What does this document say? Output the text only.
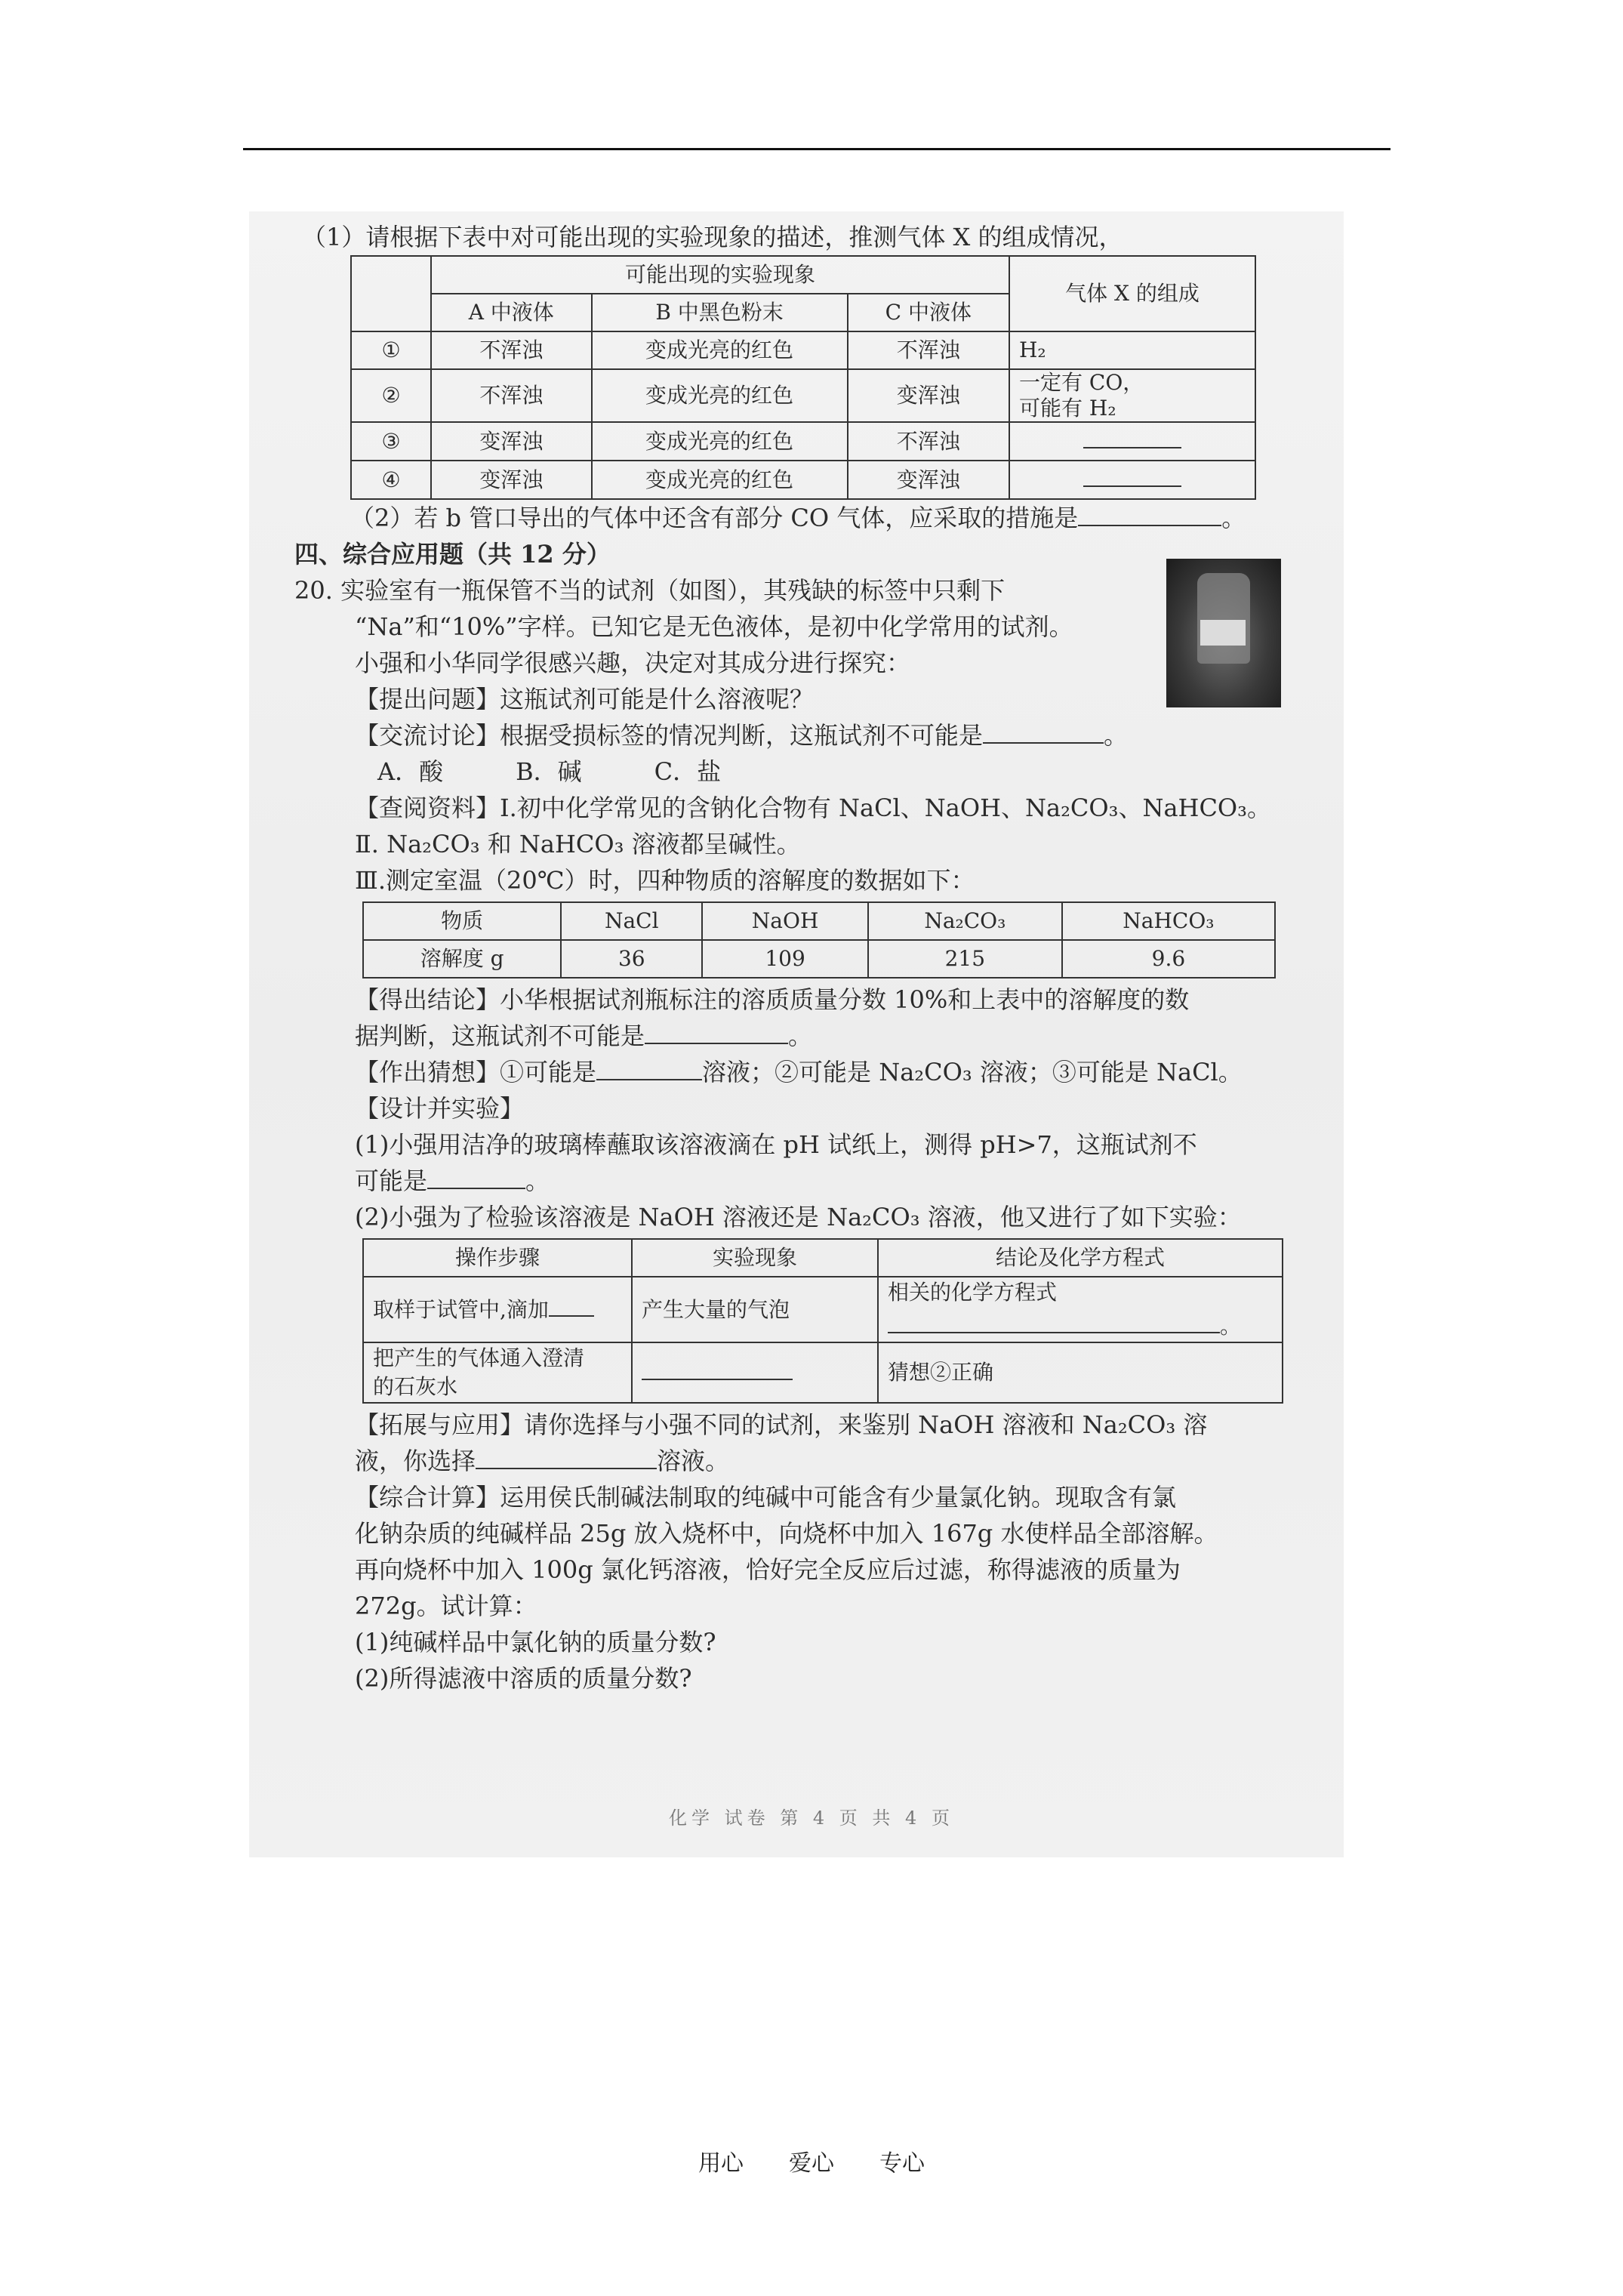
（1）请根据下表中对可能出现的实验现象的描述，推测气体 X 的组成情况，
	可能出现的实验现象			气体 X 的组成
	A 中液体	B 中黑色粉末	C 中液体	
①	不浑浊	变成光亮的红色	不浑浊	H₂
②	不浑浊	变成光亮的红色	变浑浊	一定有 CO，
可能有 H₂

③	变浑浊	变成光亮的红色	不浑浊	
④	变浑浊	变成光亮的红色	变浑浊	
（2）若 b 管口导出的气体中还含有部分 CO 气体，应采取的措施是	。
四、综合应用题（共 12 分）
20. 实验室有一瓶保管不当的试剂（如图），其残缺的标签中只剩下
“Na”和“10%”字样。已知它是无色液体，是初中化学常用的试剂。
小强和小华同学很感兴趣，决定对其成分进行探究：
【提出问题】这瓶试剂可能是什么溶液呢？
【交流讨论】根据受损标签的情况判断，这瓶试剂不可能是	。
A．酸　　　B．碱　　　C．盐
【查阅资料】Ⅰ.初中化学常见的含钠化合物有 NaCl、NaOH、Na₂CO₃、NaHCO₃。
Ⅱ. Na₂CO₃ 和 NaHCO₃ 溶液都呈碱性。
Ⅲ.测定室温（20℃）时，四种物质的溶解度的数据如下：
物质	NaCl	NaOH	Na₂CO₃	NaHCO₃
溶解度 g	36	109	215	9.6
【得出结论】小华根据试剂瓶标注的溶质质量分数 10%和上表中的溶解度的数
据判断，这瓶试剂不可能是	。
【作出猜想】①可能是	溶液；②可能是 Na₂CO₃ 溶液；③可能是 NaCl。
【设计并实验】
(1)小强用洁净的玻璃棒蘸取该溶液滴在 pH 试纸上，测得 pH>7，这瓶试剂不
可能是	。
(2)小强为了检验该溶液是 NaOH 溶液还是 Na₂CO₃ 溶液，他又进行了如下实验：
操作步骤	实验现象	结论及化学方程式
取样于试管中,滴加	产生大量的气泡	相关的化学方程式
。

把产生的气体通入澄清
的石灰水		猜想②正确
【拓展与应用】请你选择与小强不同的试剂，来鉴别 NaOH 溶液和 Na₂CO₃ 溶
液，你选择	溶液。
【综合计算】运用侯氏制碱法制取的纯碱中可能含有少量氯化钠。现取含有氯
化钠杂质的纯碱样品 25g 放入烧杯中，向烧杯中加入 167g 水使样品全部溶解。
再向烧杯中加入 100g 氯化钙溶液，恰好完全反应后过滤，称得滤液的质量为
272g。试计算：
(1)纯碱样品中氯化钠的质量分数?
(2)所得滤液中溶质的质量分数?
化学 试卷 第 4 页 共 4 页
用心　　爱心　　专心
